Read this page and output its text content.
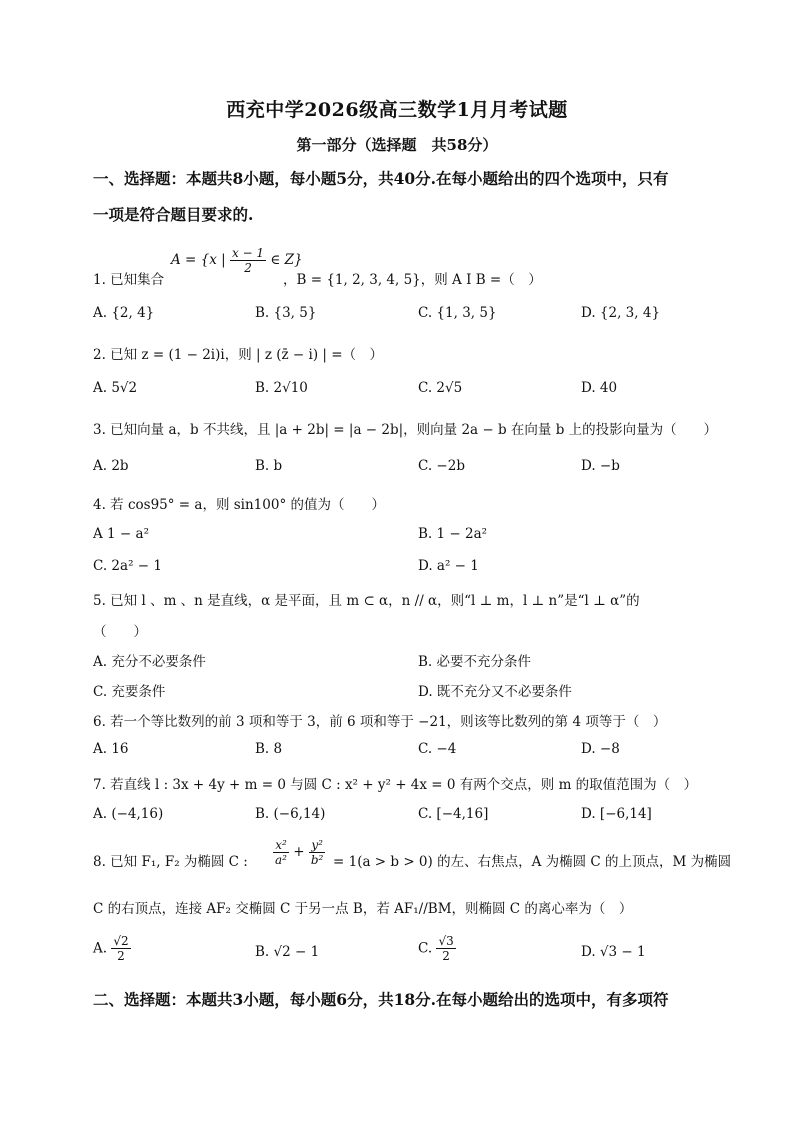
西充中学2026级高三数学1月月考试题
第一部分（选择题　共58分）
一、选择题：本题共8小题，每小题5分，共40分.在每小题给出的四个选项中，只有
一项是符合题目要求的.
1. 已知集合
A = {x | $\frac{x - 1}{2}$ ∈ Z}
，B = {1, 2, 3, 4, 5}，则 A I B =（　）
A. {2, 4}	B. {3, 5}	C. {1, 3, 5}	D. {2, 3, 4}
2. 已知 z = (1 − 2i)i，则 | z (z̄ − i) | =（　）
A. 5√2	B. 2√10	C. 2√5	D. 40
3. 已知向量 a，b 不共线，且 |a + 2b| = |a − 2b|，则向量 2a − b 在向量 b 上的投影向量为（　　）
A. 2b	B. b	C. −2b	D. −b
4. 若 cos95° = a，则 sin100° 的值为（　　）
A 1 − a²	B. 1 − 2a²
C. 2a² − 1	D. a² − 1
5. 已知 l 、m 、n 是直线，α 是平面，且 m ⊂ α，n // α，则“l ⊥ m，l ⊥ n”是“l ⊥ α”的
（　　）
A. 充分不必要条件	B. 必要不充分条件
C. 充要条件	D. 既不充分又不必要条件
6. 若一个等比数列的前 3 项和等于 3，前 6 项和等于 −21，则该等比数列的第 4 项等于（　）
A. 16	B. 8	C. −4	D. −8
7. 若直线 l : 3x + 4y + m = 0 与圆 C : x² + y² + 4x = 0 有两个交点，则 m 的取值范围为（　）
A. (−4,16)	B. (−6,14)	C. [−4,16]	D. [−6,14]
8. 已知 F₁, F₂ 为椭圆 C : $\frac{\text{x²}}{\text{a²}} + \frac{\text{y²}}{\text{b²}} = 1(a > b > 0)$ 的左、右焦点，A 为椭圆 C 的上顶点，M 为椭圆
C 的右顶点，连接 AF₂ 交椭圆 C 于另一点 B，若 AF₁//BM，则椭圆 C 的离心率为（　）
A. $\frac{√2}{2}$	B. √2 − 1	C. $\frac{√3}{2}$	D. √3 − 1
二、选择题：本题共3小题，每小题6分，共18分.在每小题给出的选项中，有多项符
